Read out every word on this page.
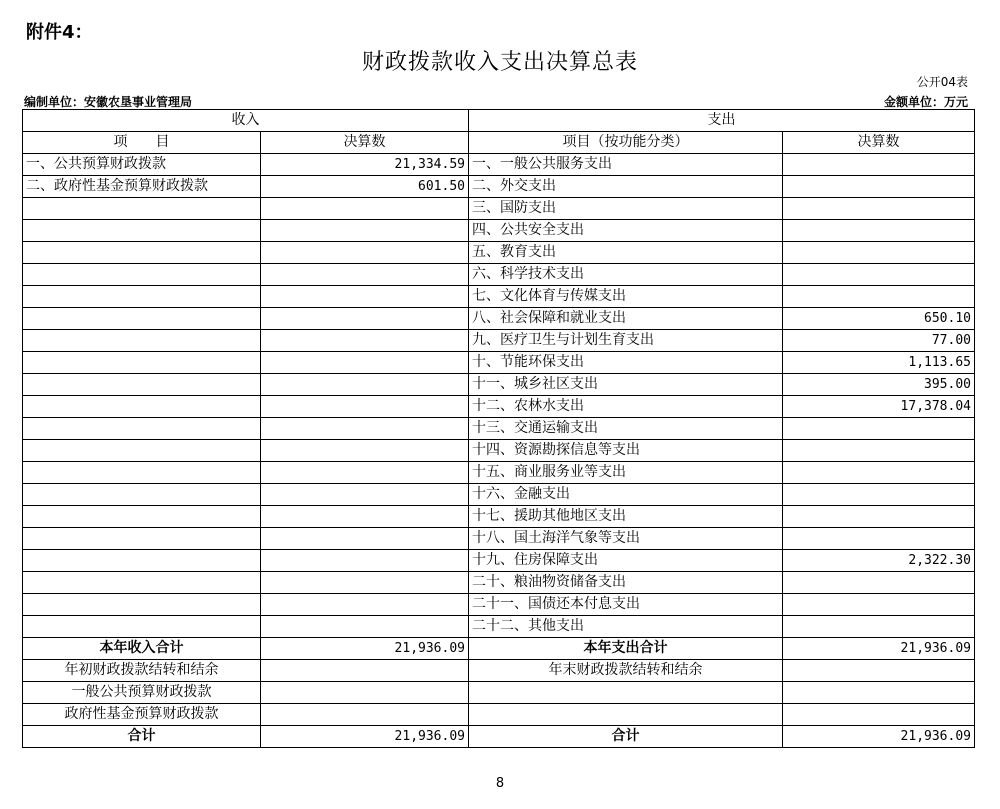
附件4：
财政拨款收入支出决算总表
公开04表
编制单位：安徽农垦事业管理局	金额单位：万元
收入		支出	
项　　目	决算数	项目（按功能分类）	决算数
一、公共预算财政拨款	21,334.59	一、一般公共服务支出	
二、政府性基金预算财政拨款	601.50	二、外交支出	
		三、国防支出	
		四、公共安全支出	
		五、教育支出	
		六、科学技术支出	
		七、文化体育与传媒支出	
		八、社会保障和就业支出	650.10
		九、医疗卫生与计划生育支出	77.00
		十、节能环保支出	1,113.65
		十一、城乡社区支出	395.00
		十二、农林水支出	17,378.04
		十三、交通运输支出	
		十四、资源勘探信息等支出	
		十五、商业服务业等支出	
		十六、金融支出	
		十七、援助其他地区支出	
		十八、国土海洋气象等支出	
		十九、住房保障支出	2,322.30
		二十、粮油物资储备支出	
		二十一、国债还本付息支出	
		二十二、其他支出	
本年收入合计	21,936.09	本年支出合计	21,936.09
年初财政拨款结转和结余		年末财政拨款结转和结余	
一般公共预算财政拨款			
政府性基金预算财政拨款			
合计	21,936.09	合计	21,936.09
8
